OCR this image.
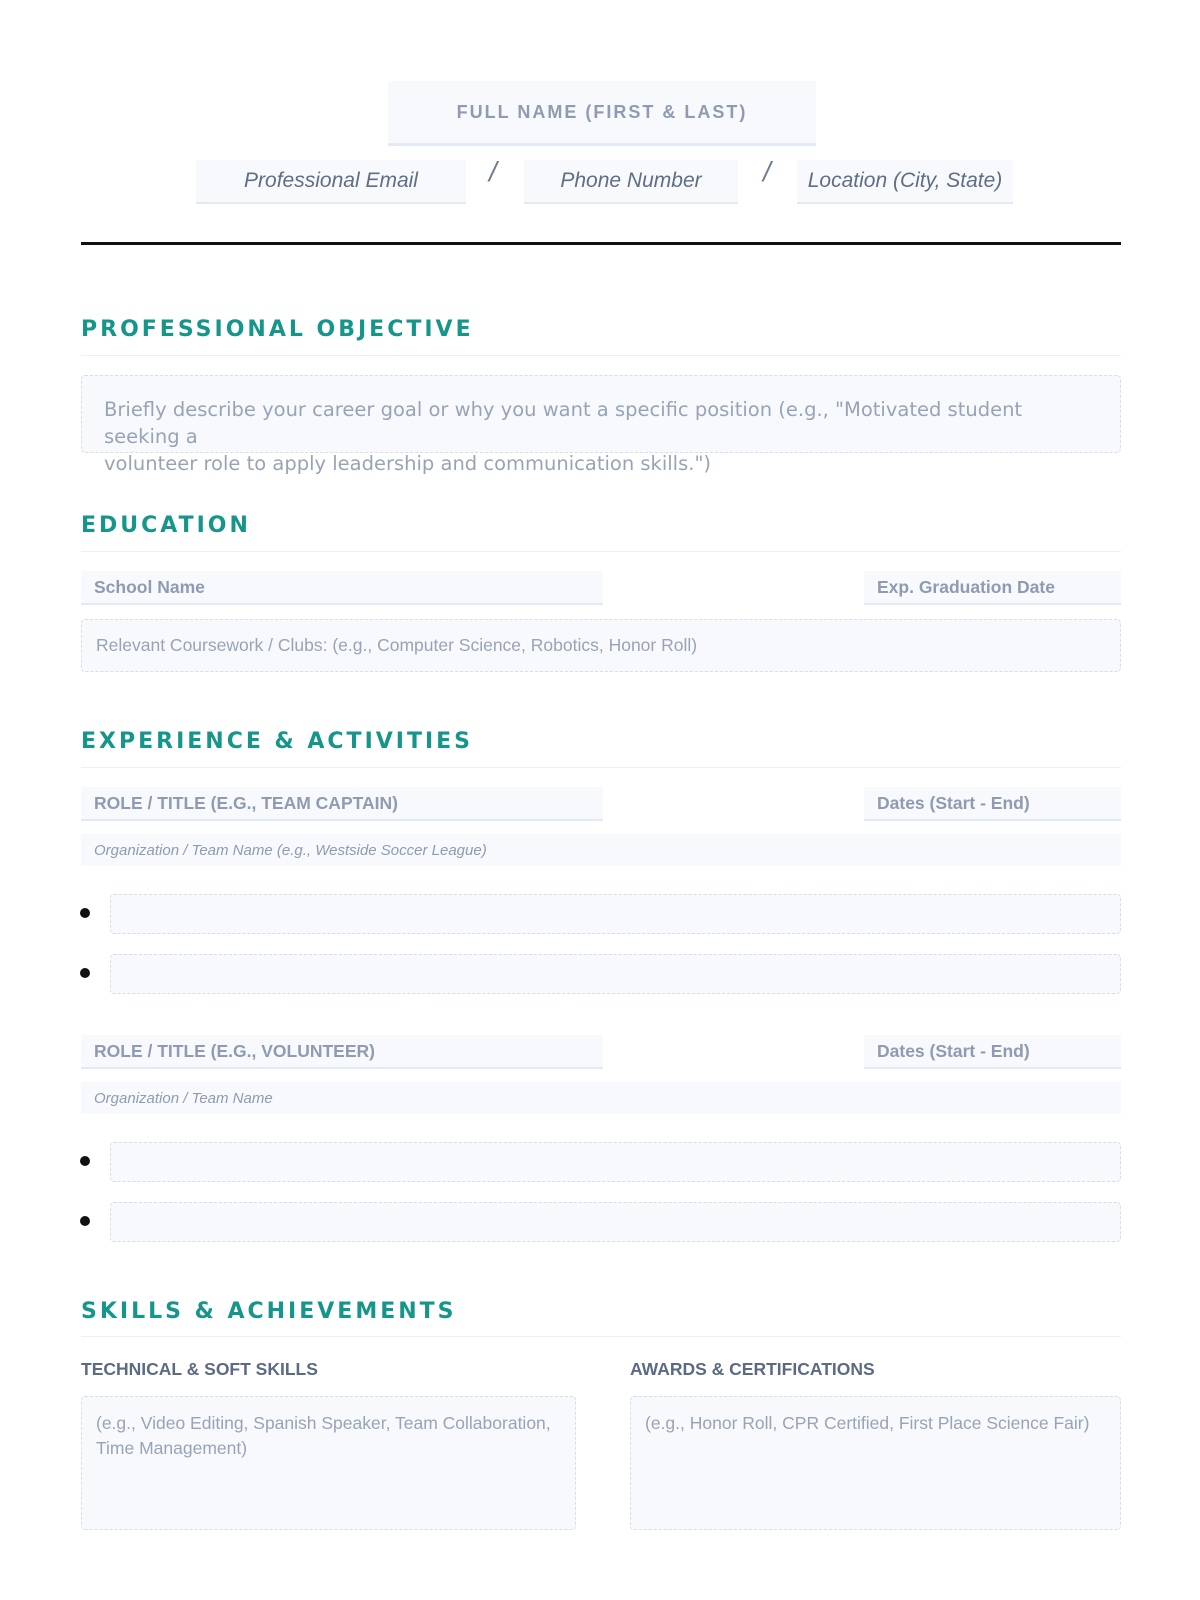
FULL NAME (FIRST & LAST)
Professional Email	/	Phone Number	/	Location (City, State)
PROFESSIONAL OBJECTIVE
Briefly describe your career goal or why you want a specific position (e.g., "Motivated student seeking a
volunteer role to apply leadership and communication skills.")
EDUCATION
School Name	Exp. Graduation Date
Relevant Coursework / Clubs: (e.g., Computer Science, Robotics, Honor Roll)
EXPERIENCE & ACTIVITIES
ROLE / TITLE (E.G., TEAM CAPTAIN)	Dates (Start - End)
Organization / Team Name (e.g., Westside Soccer League)
ROLE / TITLE (E.G., VOLUNTEER)	Dates (Start - End)
Organization / Team Name
SKILLS & ACHIEVEMENTS
TECHNICAL & SOFT SKILLS
(e.g., Video Editing, Spanish Speaker, Team Collaboration,
Time Management)
AWARDS & CERTIFICATIONS
(e.g., Honor Roll, CPR Certified, First Place Science Fair)
